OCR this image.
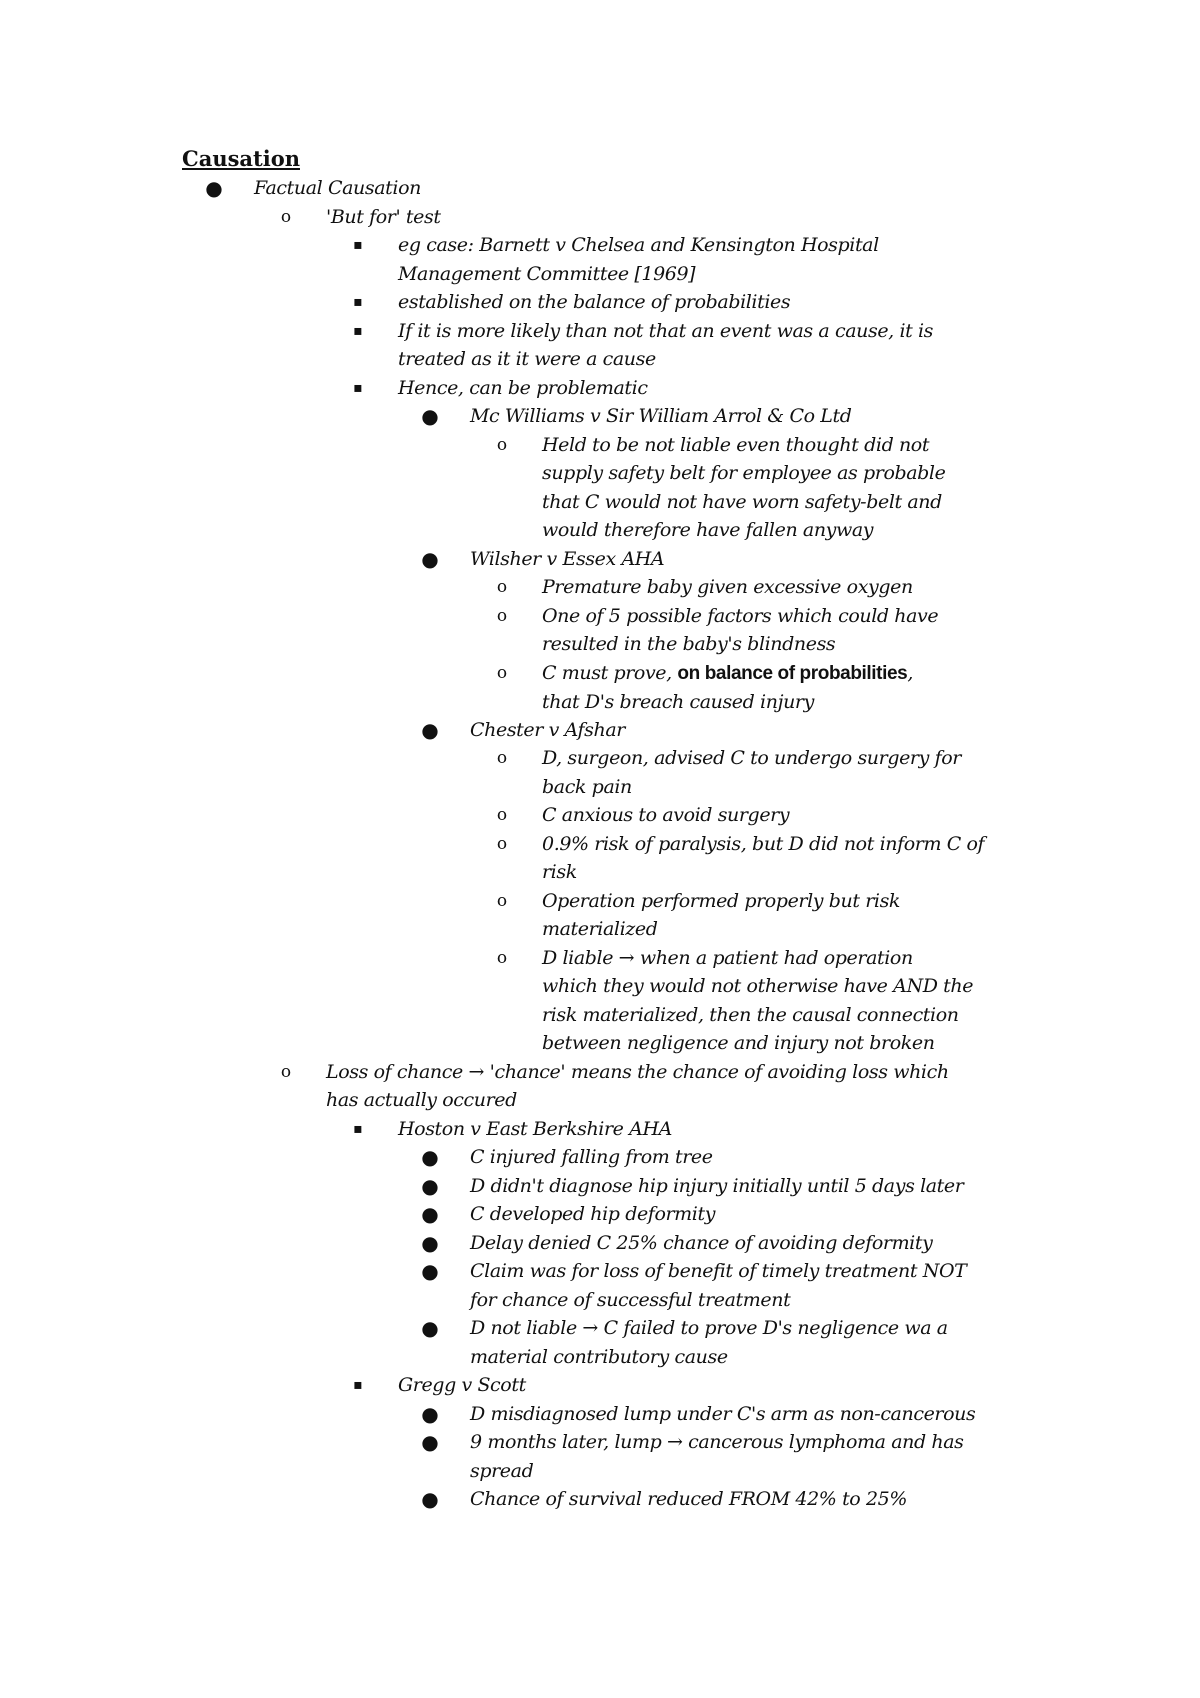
Causation
● Factual Causation
o 'But for' test
▪ eg case: Barnett v Chelsea and Kensington Hospital
Management Committee [1969]
▪ established on the balance of probabilities
▪ If it is more likely than not that an event was a cause, it is
treated as it it were a cause
▪ Hence, can be problematic
● Mc Williams v Sir William Arrol & Co Ltd
o Held to be not liable even thought did not
supply safety belt for employee as probable
that C would not have worn safety-belt and
would therefore have fallen anyway
● Wilsher v Essex AHA
o Premature baby given excessive oxygen
o One of 5 possible factors which could have
resulted in the baby's blindness
o C must prove, on balance of probabilities,
that D's breach caused injury
● Chester v Afshar
o D, surgeon, advised C to undergo surgery for
back pain
o C anxious to avoid surgery
o 0.9% risk of paralysis, but D did not inform C of
risk
o Operation performed properly but risk
materialized
o D liable → when a patient had operation
which they would not otherwise have AND the
risk materialized, then the causal connection
between negligence and injury not broken
o Loss of chance → 'chance' means the chance of avoiding loss which
has actually occured
▪ Hoston v East Berkshire AHA
● C injured falling from tree
● D didn't diagnose hip injury initially until 5 days later
● C developed hip deformity
● Delay denied C 25% chance of avoiding deformity
● Claim was for loss of benefit of timely treatment NOT
for chance of successful treatment
● D not liable → C failed to prove D's negligence wa a
material contributory cause
▪ Gregg v Scott
● D misdiagnosed lump under C's arm as non-cancerous
● 9 months later, lump → cancerous lymphoma and has
spread
● Chance of survival reduced FROM 42% to 25%
